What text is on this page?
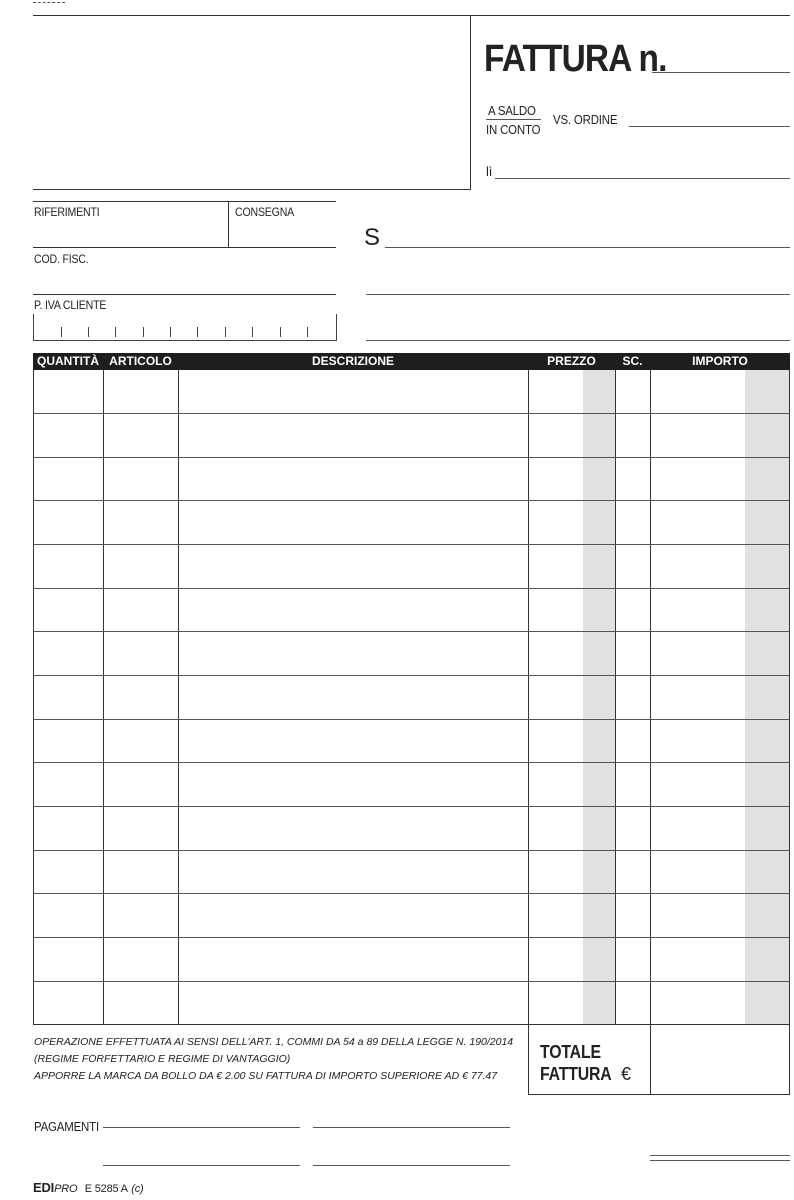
FATTURA n.
A SALDO
IN CONTO
VS. ORDINE
lì
RIFERIMENTI	CONSEGNA
COD. FISC.
P. IVA CLIENTE
S
QUANTITÀ ARTICOLO	DESCRIZIONE	PREZZO	SC.	IMPORTO
OPERAZIONE EFFETTUATA AI SENSI DELL'ART. 1, COMMI DA 54 a 89 DELLA LEGGE N. 190/2014
(REGIME FORFETTARIO E REGIME DI VANTAGGIO)
APPORRE LA MARCA DA BOLLO DA € 2.00 SU FATTURA DI IMPORTO SUPERIORE AD € 77.47
TOTALE
FATTURA €
PAGAMENTI
EDIPRO E 5285 A (c)
